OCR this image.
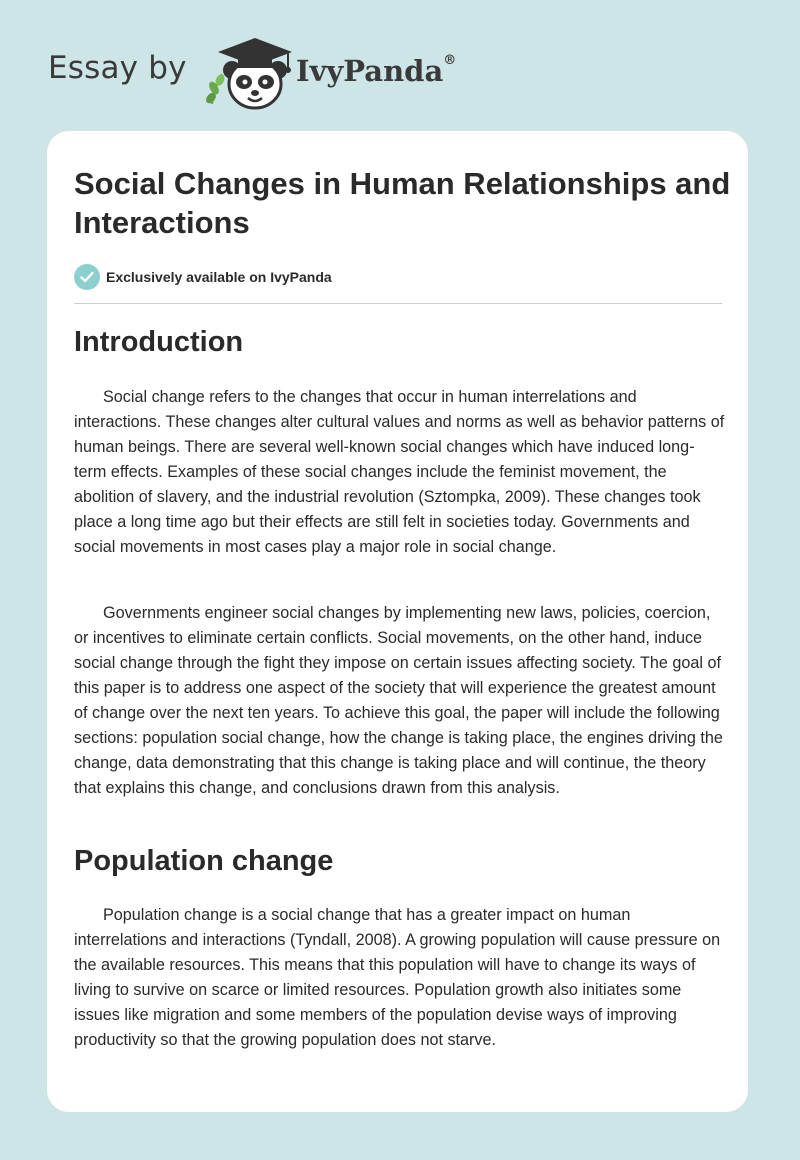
Essay by	IvyPanda®
Social Changes in Human Relationships and Interactions
Exclusively available on IvyPanda
Introduction

Social change refers to the changes that occur in human interrelations and interactions. These changes alter cultural values and norms as well as behavior patterns of human beings. There are several well-known social changes which have induced long-term effects. Examples of these social changes include the feminist movement, the abolition of slavery, and the industrial revolution (Sztompka, 2009). These changes took place a long time ago but their effects are still felt in societies today. Governments and social movements in most cases play a major role in social change.

Governments engineer social changes by implementing new laws, policies, coercion, or incentives to eliminate certain conflicts. Social movements, on the other hand, induce social change through the fight they impose on certain issues affecting society. The goal of this paper is to address one aspect of the society that will experience the greatest amount of change over the next ten years. To achieve this goal, the paper will include the following sections: population social change, how the change is taking place, the engines driving the change, data demonstrating that this change is taking place and will continue, the theory that explains this change, and conclusions drawn from this analysis.

Population change

Population change is a social change that has a greater impact on human interrelations and interactions (Tyndall, 2008). A growing population will cause pressure on the available resources. This means that this population will have to change its ways of living to survive on scarce or limited resources. Population growth also initiates some issues like migration and some members of the population devise ways of improving productivity so that the growing population does not starve.
